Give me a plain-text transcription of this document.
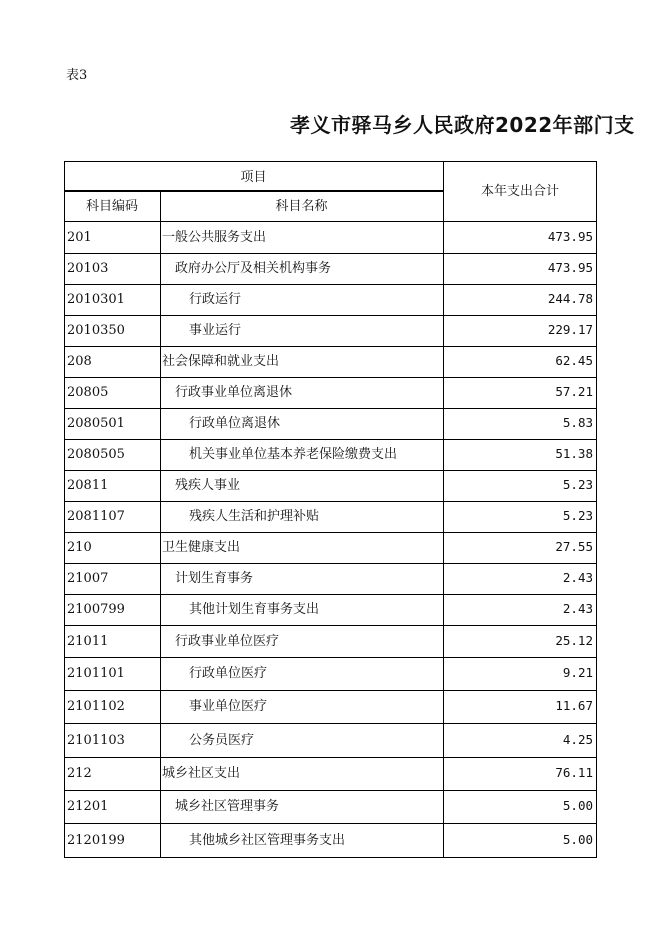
表3
孝义市驿马乡人民政府2022年部门支
项目
科目编码	科目名称
本年支出合计
201	一般公共服务支出	473.95
20103	政府办公厅及相关机构事务	473.95
2010301	行政运行	244.78
2010350	事业运行	229.17
208	社会保障和就业支出	62.45
20805	行政事业单位离退休	57.21
2080501	行政单位离退休	5.83
2080505	机关事业单位基本养老保险缴费支出	51.38
20811	残疾人事业	5.23
2081107	残疾人生活和护理补贴	5.23
210	卫生健康支出	27.55
21007	计划生育事务	2.43
2100799	其他计划生育事务支出	2.43
21011	行政事业单位医疗	25.12
2101101	行政单位医疗	9.21
2101102	事业单位医疗	11.67
2101103	公务员医疗	4.25
212	城乡社区支出	76.11
21201	城乡社区管理事务	5.00
2120199	其他城乡社区管理事务支出	5.00
